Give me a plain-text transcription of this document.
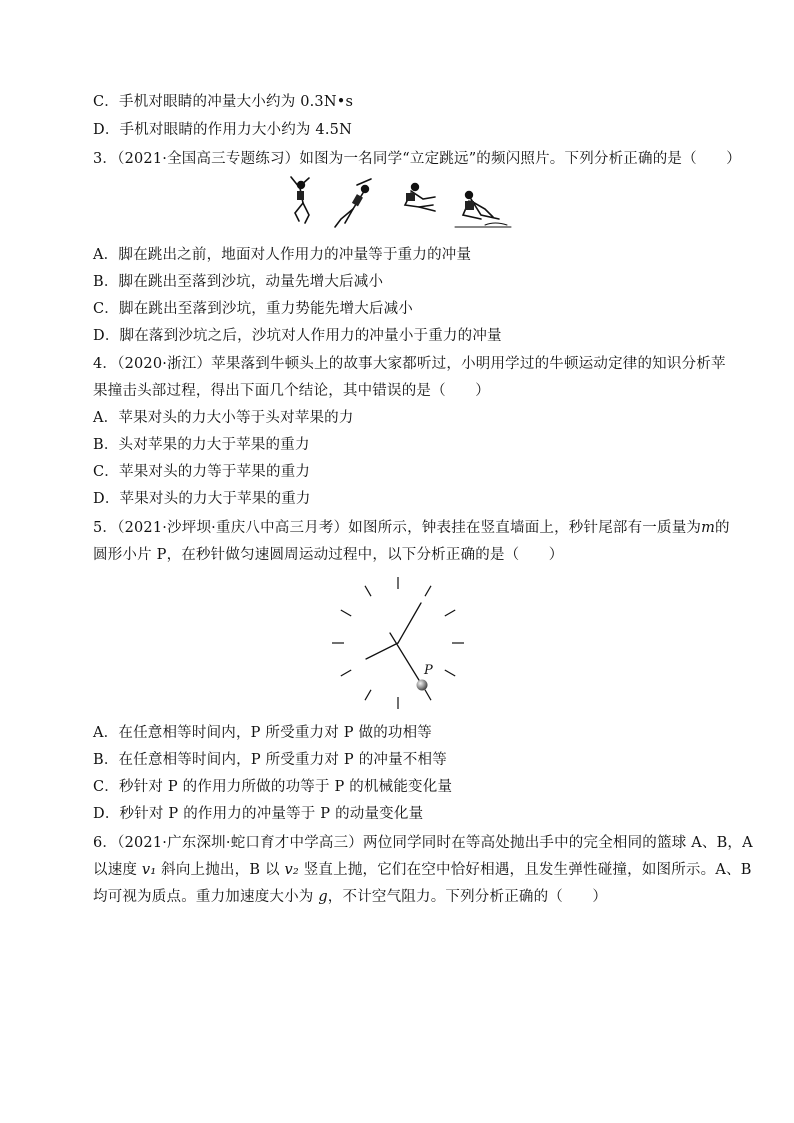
C．手机对眼睛的冲量大小约为 0.3N•s
D．手机对眼睛的作用力大小约为 4.5N
3．（2021·全国高三专题练习）如图为一名同学“立定跳远”的频闪照片。下列分析正确的是（　　）
A．脚在跳出之前，地面对人作用力的冲量等于重力的冲量
B．脚在跳出至落到沙坑，动量先增大后减小
C．脚在跳出至落到沙坑，重力势能先增大后减小
D．脚在落到沙坑之后，沙坑对人作用力的冲量小于重力的冲量
4．（2020·浙江）苹果落到牛顿头上的故事大家都听过，小明用学过的牛顿运动定律的知识分析苹
果撞击头部过程，得出下面几个结论，其中错误的是（　　）
A．苹果对头的力大小等于头对苹果的力
B．头对苹果的力大于苹果的重力
C．苹果对头的力等于苹果的重力
D．苹果对头的力大于苹果的重力
5．（2021·沙坪坝·重庆八中高三月考）如图所示，钟表挂在竖直墙面上，秒针尾部有一质量为m的
圆形小片 P，在秒针做匀速圆周运动过程中，以下分析正确的是（　　）
P
A．在任意相等时间内，P 所受重力对 P 做的功相等
B．在任意相等时间内，P 所受重力对 P 的冲量不相等
C．秒针对 P 的作用力所做的功等于 P 的机械能变化量
D．秒针对 P 的作用力的冲量等于 P 的动量变化量
6．（2021·广东深圳·蛇口育才中学高三）两位同学同时在等高处抛出手中的完全相同的篮球 A、B，A
以速度 v₁ 斜向上抛出，B 以 v₂ 竖直上抛，它们在空中恰好相遇，且发生弹性碰撞，如图所示。A、B
均可视为质点。重力加速度大小为 g，不计空气阻力。下列分析正确的（　　）
